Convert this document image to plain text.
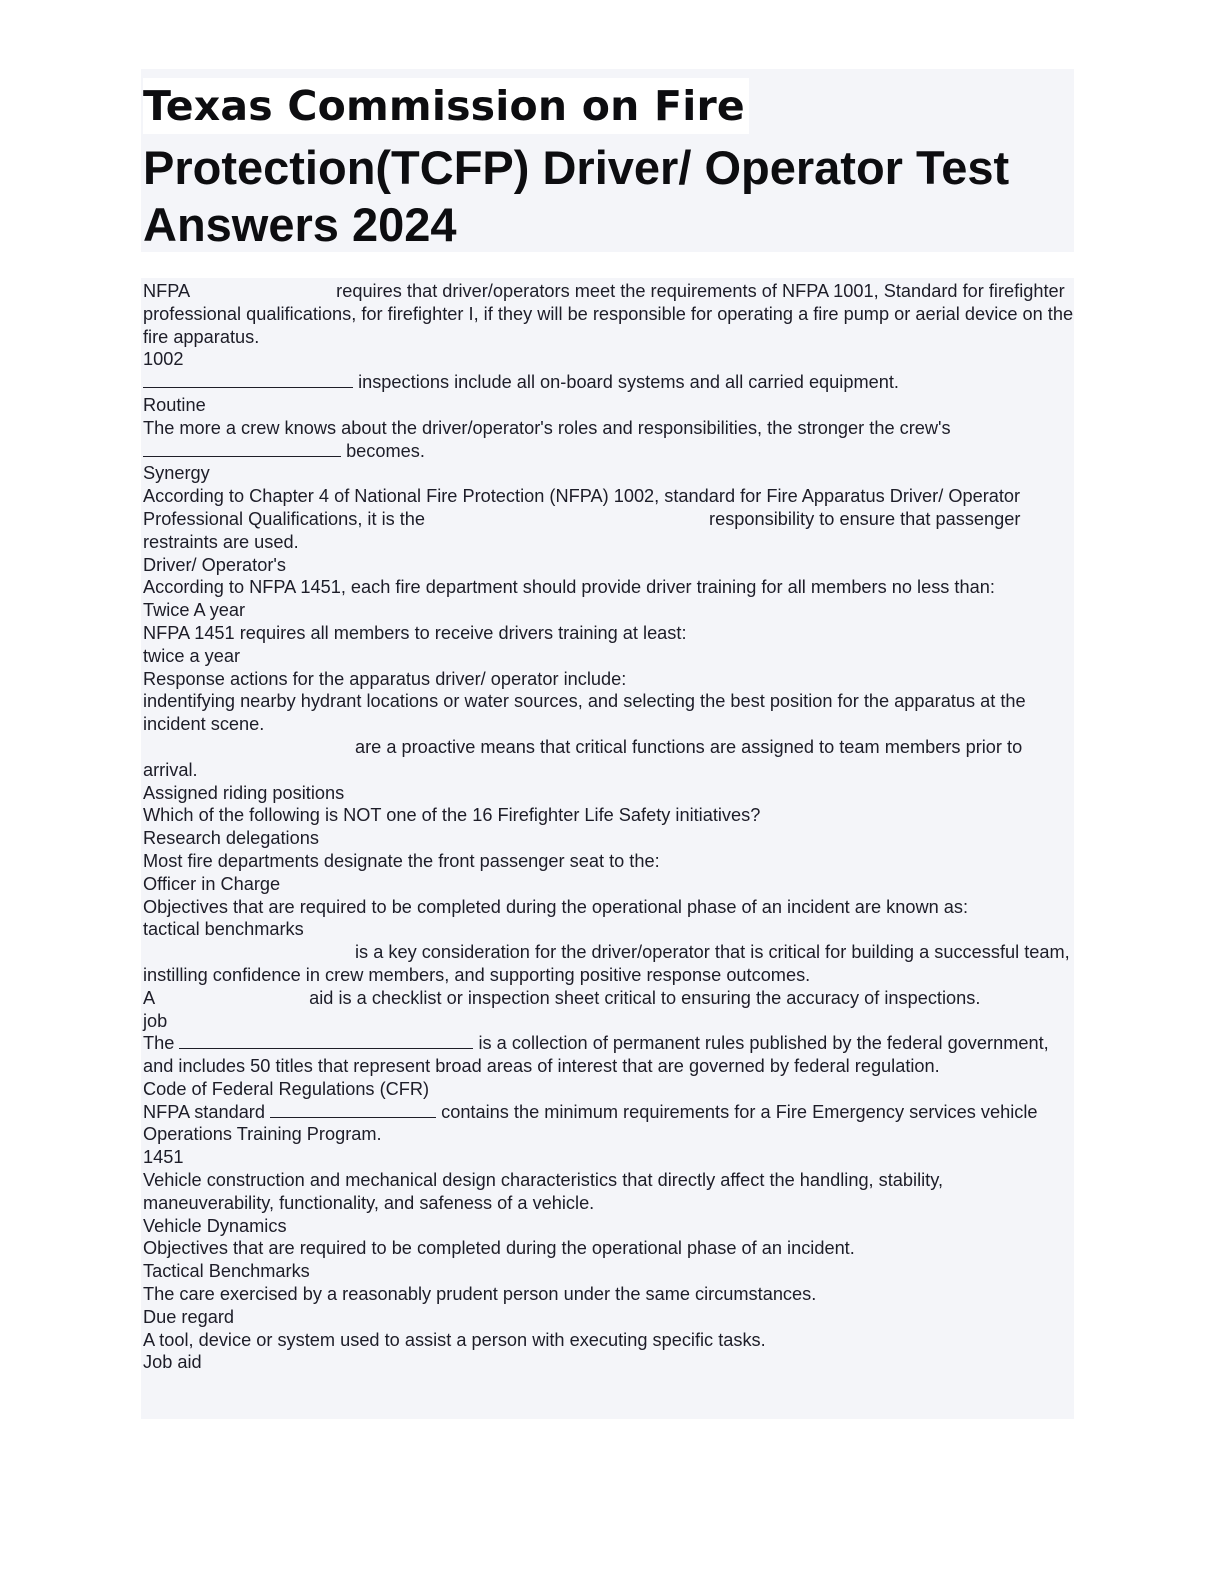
Texas Commission on Fire
Protection(TCFP) Driver/ Operator Test
Answers 2024

NFPA	requires that driver/operators meet the requirements of NFPA 1001, Standard for firefighter professional qualifications, for firefighter I, if they will be responsible for operating a fire pump or aerial device on the fire apparatus.

1002

inspections include all on-board systems and all carried equipment.

Routine

The more a crew knows about the driver/operator's roles and responsibilities, the stronger the crew's  becomes.

Synergy

According to Chapter 4 of National Fire Protection (NFPA) 1002, standard for Fire Apparatus Driver/ Operator Professional Qualifications, it is the	responsibility to ensure that passenger restraints are used.

Driver/ Operator's

According to NFPA 1451, each fire department should provide driver training for all members no less than:

Twice A year

NFPA 1451 requires all members to receive drivers training at least:

twice a year

Response actions for the apparatus driver/ operator include:

indentifying nearby hydrant locations or water sources, and selecting the best position for the apparatus at the incident scene.

are a proactive means that critical functions are assigned to team members prior to arrival.

Assigned riding positions

Which of the following is NOT one of the 16 Firefighter Life Safety initiatives?

Research delegations

Most fire departments designate the front passenger seat to the:

Officer in Charge

Objectives that are required to be completed during the operational phase of an incident are known as:

tactical benchmarks

is a key consideration for the driver/operator that is critical for building a successful team, instilling confidence in crew members, and supporting positive response outcomes.

A	aid is a checklist or inspection sheet critical to ensuring the accuracy of inspections.

job

The	is a collection of permanent rules published by the federal government, and includes 50 titles that represent broad areas of interest that are governed by federal regulation.

Code of Federal Regulations (CFR)

NFPA standard	contains the minimum requirements for a Fire Emergency services vehicle Operations Training Program.

1451

Vehicle construction and mechanical design characteristics that directly affect the handling, stability, maneuverability, functionality, and safeness of a vehicle.

Vehicle Dynamics

Objectives that are required to be completed during the operational phase of an incident.

Tactical Benchmarks

The care exercised by a reasonably prudent person under the same circumstances.

Due regard

A tool, device or system used to assist a person with executing specific tasks.

Job aid
